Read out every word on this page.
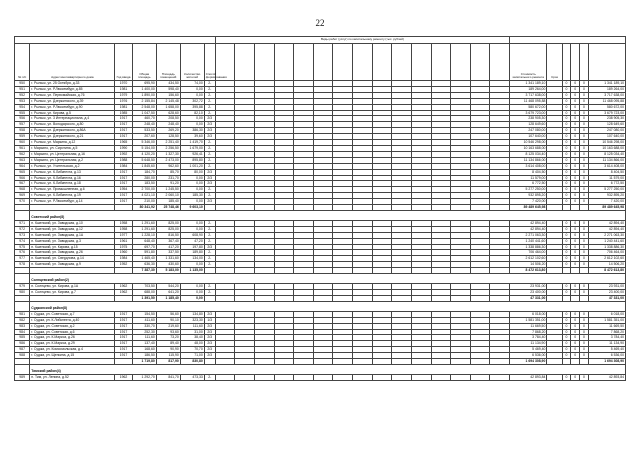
22
							Виды работ (услуг) по капитальному ремонту (тыс. рублей)																				
№ п/п	Адрес многоквартирного дома	Год ввода	Общая площадь	Площадь помещений	Количество жителей	Способ формирования																Стоимость капитального ремонта	Срок				
950	г. Рыльск, ул. 25 Октября, д.33	1970	695,90	434,50	74,00	2-																1 341 189,10		0	0	0	1 341 189,10
951	г. Рыльск, ул. Р.Люксембург, д.85	1981	1 400,00	598,40	0,00	2-																189 264,00		0	0	0	189 264,00
952	г. Рыльск, ул. Первомайская, д.76	1979	1 890,00	156,60	0,00	2-																3 717 638,00		0	0	0	3 717 638,00
953	г. Рыльск, ул. Дзержинского, д.39	1976	2 155,84	2 145,48	302,72	2-																11 468 095,88		0	0	0	11 468 095,88
954	г. Рыльск, ул. Р.Люксембург, д.90	1981	2 548,00	1 658,00	395,88	2-																580 672,00		0	0	0	580 672,00
955	г. Рыльск, ул. Кирова, д.5	1985	1 047,50	628,60	82,10	2-																3 679 723,00		0	0	0	3 679 723,00
956	г. Рыльск, ул. 3 Интернационала, д.4	1917	460,70	208,50	0,00	2/3																238 905,30		0	0	0	238 905,30
957	г. Рыльск, ул. Володарского, д.80	1917	248,40	248,40	0,00	2/3																128 649,60		0	0	0	128 649,60
958	г. Рыльск, ул. Дзержинского, д.86А	1917	533,50	269,20	386,30	2/3																247 080,00		0	0	0	247 080,00
959	г. Рыльск, ул. Дзержинского, д.21	1917	207,60	128,50	39,60	2/3																107 640,00		0	0	0	107 640,00
960	г. Рыльск, ул. Маркина, д.12	1965	5 346,00	2 251,40	1 419,70	2-																10 546 298,00		0	0	0	10 546 298,00
961	г. Марьино, ул. Сиротина, д.5	1990	5 154,00	2 256,50	1 679,00	2-																10 163 688,00		0	0	0	10 163 688,00
962	г. Марьино, ул. Центральная, д.16	1992	4 120,20	1 327,30	926,41	2-																8 125 034,40		0	0	0	8 125 034,40
963	г. Марьино, ул. Центральная, д.2	1988	5 648,50	2 473,00	895,80	2-																11 134 866,00		0	0	0	11 134 866,00
964	г. Рыльск, ул. Учительская, д.2	1984	1 845,60	962,60	1 001,20	2-																3 614 408,00		0	0	0	3 614 408,00
965	г. Рыльск, ул. К.Либкнехта, д.13	1917	184,70	85,70	80,00	2/3																8 404,50		0	0	0	8 404,50
966	г. Рыльск, ул. К.Либкнехта, д.16	1917	280,00	231,70	0,00	2/3																11 579,00		0	0	0	11 579,00
967	г. Рыльск, ул. К.Либкнехта, д.18	1917	183,50	91,20	0,00	2/3																6 772,50		0	0	0	6 772,50
968	г. Рыльск, ул. Промышленная, д.6	1954	2 700,00	1 245,50	0,00	2-																5 277 250,00		0	0	0	5 277 250,00
969	г. Рыльск, ул. К.Либкнехта, д.19	1917	4 021,10	2 060,10	185,30	2-																932 895,20		0	0	0	932 895,20
970	г. Рыльск, ул. Р.Люксембург, д.14	1917	210,00	185,40	0,00	2/3																7 420,00		0	0	0	7 420,00
			80 341,92	25 748,46	9 603,10																	89 489 645,98					89 489 645,98
	Советский район(8)																										
971	п. Кшенский, ул. Заводская, д.10	1958	1 291,60	825,00	0,00	2-																42 894,40		0	0	0	42 894,40
972	п. Кшенский, ул. Заводская, д.12	1958	1 291,60	825,00	0,00	2-																42 894,40		0	0	0	42 894,40
973	п. Кшенский, ул. Заводская, д.1А	1977	1 228,10	816,50	608,90	2-																2 271 063,30		0	0	0	2 271 063,30
974	п. Кшенский, ул. Заводская, д.3	1961	648,40	367,40	47,20	2-																1 240 441,60		0	0	0	1 240 441,60
975	п. Кшенский, ул. Кирова, д.15	1975	697,70	417,20	197,80	2/3																1 338 886,30		0	0	0	1 338 886,30
976	п. Кшенский, ул. Заводская, д.26	1960	591,80	337,50	189,80	2-																706 464,00		0	0	0	706 464,00
977	п. Кшенский, ул. Свердлова, д.14	1984	1 465,40	1 331,60	134,00	2-																2 612 102,60		0	0	0	2 612 102,60
978	п. Кшенский, ул. Заводская, д.9	1952	636,30	430,60	0,00	2-																14 506,20		0	0	0	14 506,20
			7 387,30	5 183,00	1 135,00																	8 472 613,80					8 472 613,80
	Солнцевский район(2)																										
979	п. Солнцево, ул. Кирова, д.1А	1962	703,50	544,20	0,00	2-																23 931,00		0	0	0	23 931,00
980	п. Солнцево, ул. Кирова, д.7	1962	688,00	641,20	0,00	2-																23 400,00		0	0	0	23 400,00
			1 391,50	1 185,40	0,00																	47 331,00					47 331,00
	Суджанский район(8)																										
981	г. Суджа, ул. Советская, д.7	1917	154,50	56,60	134,80	2/3																6 018,00		0	0	0	6 018,00
982	г. Суджа, ул. К.Либкнехта, д.40	1917	411,60	90,10	323,30	1/3																1 581 351,00		0	0	0	1 581 351,00
983	г. Суджа, ул. Советская, д.2	1917	330,70	219,60	111,60	2/3																11 669,50		0	0	0	11 669,50
984	г. Суджа, ул. Советская, д.6	1917	252,30	93,60	31,00	2/3																7 868,20		0	0	0	7 868,20
985	г. Суджа, ул. К.Маркса, д.26	1917	111,60	73,20	38,40	2/3																3 784,40		0	0	0	3 784,40
986	г. Суджа, ул. К.Маркса, д.29	1917	137,40	89,40	48,00	2/3																11 134,90		0	0	0	11 134,90
987	г. Суджа, ул. Комсомольская, д.4	1917	168,60	90,90	70,70	2/3																5 469,40		0	0	0	5 469,40
988	г. Суджа, ул. Щепкина, д.15	1917	186,50	115,90	71,00	2/3																6 536,00		0	0	0	6 536,00
			1 719,80	817,90	830,80																	1 694 308,90					1 694 308,90
	Тимский район(4)																										
989	п. Тим, ул. Ленина, д.52	1962	1 292,70	841,70	473,33	2-																42 893,84		0	0	0	42 893,84
